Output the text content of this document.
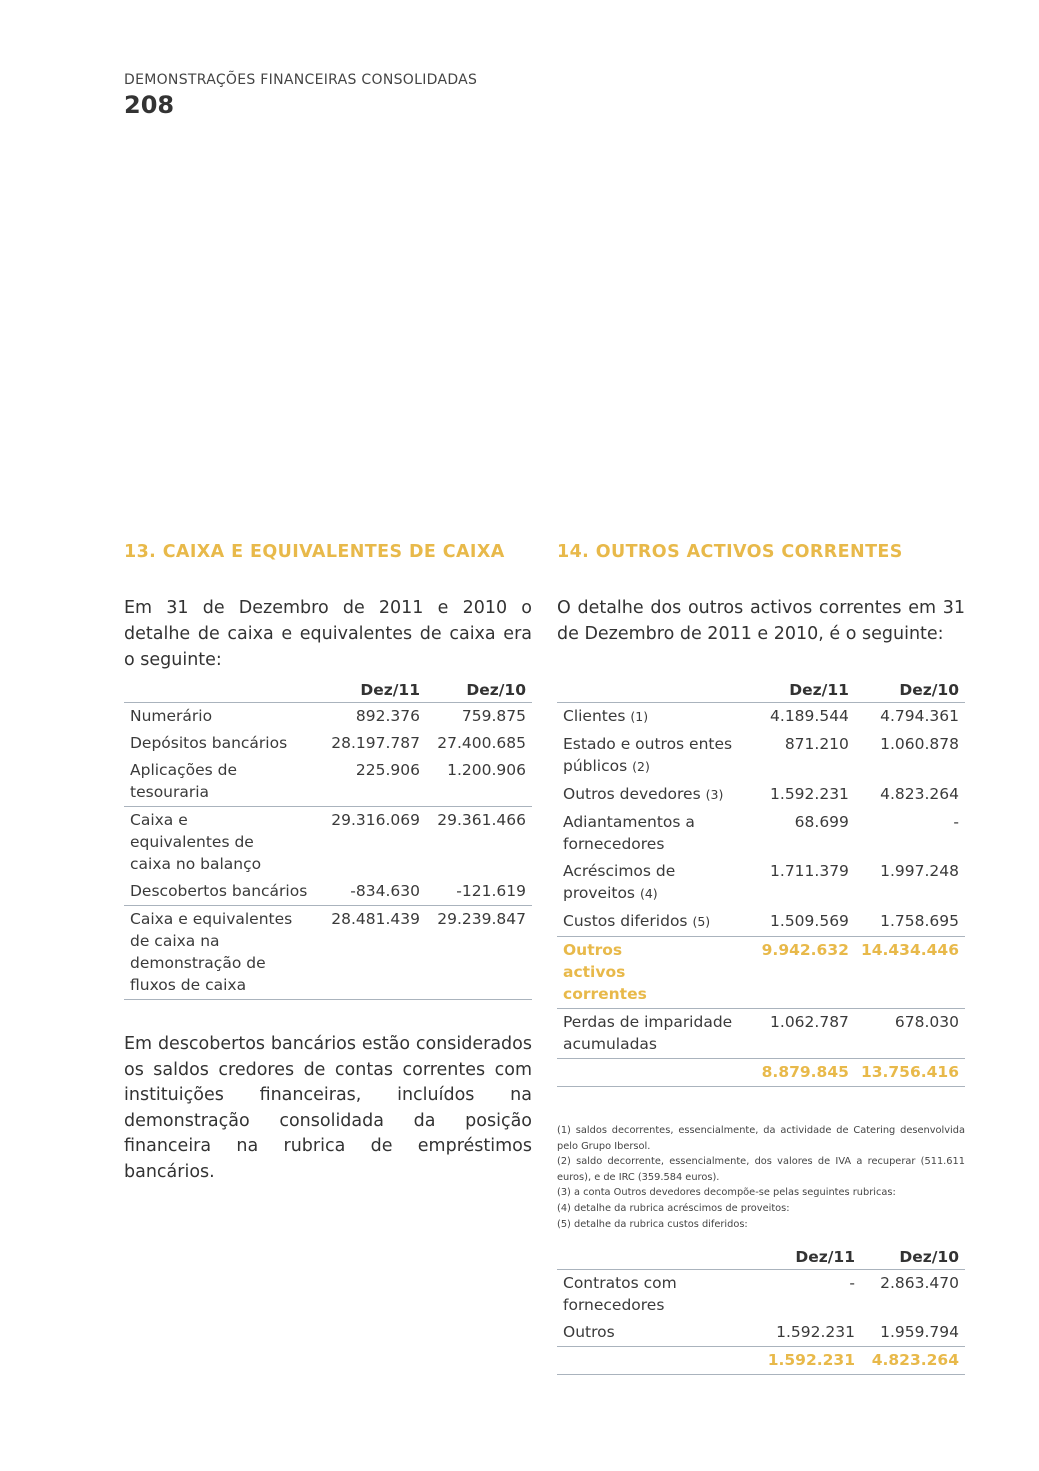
DEMONSTRAÇÕES FINANCEIRAS CONSOLIDADAS
208
13. CAIXA E EQUIVALENTES DE CAIXA
Em 31 de Dezembro de 2011 e 2010 o detalhe de caixa e equivalentes de caixa era o seguinte:
	Dez/11	Dez/10
Numerário	892.376	759.875
Depósitos bancários	28.197.787	27.400.685
Aplicações de tesouraria	225.906	1.200.906
Caixa e equivalentes de caixa no balanço	29.316.069	29.361.466
Descobertos bancários	-834.630	-121.619
Caixa e equivalentes de caixa na demonstração de fluxos de caixa	28.481.439	29.239.847
Em descobertos bancários estão considerados os saldos credores de contas correntes com instituições financeiras, incluídos na demonstração consolidada da posição financeira na rubrica de empréstimos bancários.
14. OUTROS ACTIVOS CORRENTES
O detalhe dos outros activos correntes em 31 de Dezembro de 2011 e 2010, é o seguinte:
	Dez/11	Dez/10
Clientes (1)	4.189.544	4.794.361
Estado e outros entes públicos (2)	871.210	1.060.878
Outros devedores (3)	1.592.231	4.823.264
Adiantamentos a fornecedores	68.699	-
Acréscimos de proveitos (4)	1.711.379	1.997.248
Custos diferidos (5)	1.509.569	1.758.695
Outros activos correntes	9.942.632	14.434.446
Perdas de imparidade acumuladas	1.062.787	678.030
	8.879.845	13.756.416
(1) saldos decorrentes, essencialmente, da actividade de Catering desenvolvida pelo Grupo Ibersol.
(2) saldo decorrente, essencialmente, dos valores de IVA a recuperar (511.611 euros), e de IRC (359.584 euros).
(3) a conta Outros devedores decompõe-se pelas seguintes rubricas:
(4) detalhe da rubrica acréscimos de proveitos:
(5) detalhe da rubrica custos diferidos:
	Dez/11	Dez/10
Contratos com fornecedores	-	2.863.470
Outros	1.592.231	1.959.794
	1.592.231	4.823.264
